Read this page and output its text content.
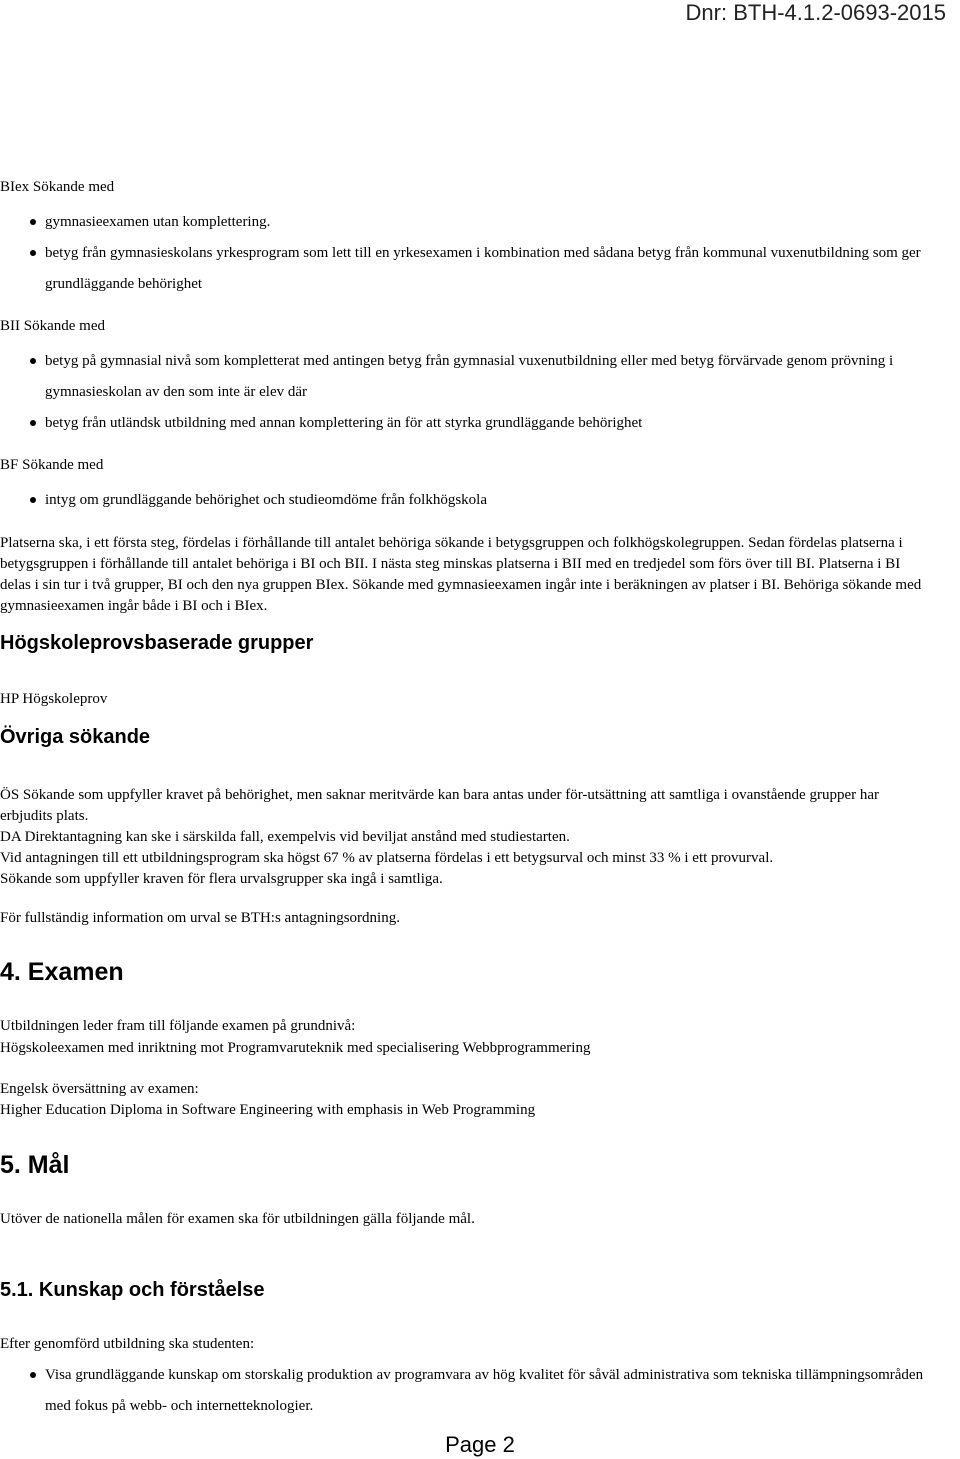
Dnr: BTH-4.1.2-0693-2015
BIex Sökande med
gymnasieexamen utan komplettering.
betyg från gymnasieskolans yrkesprogram som lett till en yrkesexamen i kombination med sådana betyg från kommunal vuxenutbildning som ger grundläggande behörighet
BII Sökande med
betyg på gymnasial nivå som kompletterat med antingen betyg från gymnasial vuxenutbildning eller med betyg förvärvade genom prövning i gymnasieskolan av den som inte är elev där
betyg från utländsk utbildning med annan komplettering än för att styrka grundläggande behörighet
BF Sökande med
intyg om grundläggande behörighet och studieomdöme från folkhögskola
Platserna ska, i ett första steg, fördelas i förhållande till antalet behöriga sökande i betygsgruppen och folkhögskolegruppen. Sedan fördelas platserna i betygsgruppen i förhållande till antalet behöriga i BI och BII. I nästa steg minskas platserna i BII med en tredjedel som förs över till BI. Platserna i BI delas i sin tur i två grupper, BI och den nya gruppen BIex. Sökande med gymnasieexamen ingår inte i beräkningen av platser i BI. Behöriga sökande med gymnasieexamen ingår både i BI och i BIex.
Högskoleprovsbaserade grupper
HP Högskoleprov
Övriga sökande
ÖS Sökande som uppfyller kravet på behörighet, men saknar meritvärde kan bara antas under för-utsättning att samtliga i ovanstående grupper har erbjudits plats.
DA Direktantagning kan ske i särskilda fall, exempelvis vid beviljat anstånd med studiestarten.
Vid antagningen till ett utbildningsprogram ska högst 67 % av platserna fördelas i ett betygsurval och minst 33 % i ett provurval.
Sökande som uppfyller kraven för flera urvalsgrupper ska ingå i samtliga.
För fullständig information om urval se BTH:s antagningsordning.
4. Examen
Utbildningen leder fram till följande examen på grundnivå:
Högskoleexamen med inriktning mot Programvaruteknik med specialisering Webbprogrammering
Engelsk översättning av examen:
Higher Education Diploma in Software Engineering with emphasis in Web Programming
5. Mål
Utöver de nationella målen för examen ska för utbildningen gälla följande mål.
5.1. Kunskap och förståelse
Efter genomförd utbildning ska studenten:
Visa grundläggande kunskap om storskalig produktion av programvara av hög kvalitet för såväl administrativa som tekniska tillämpningsområden med fokus på webb- och internetteknologier.
Page 2
